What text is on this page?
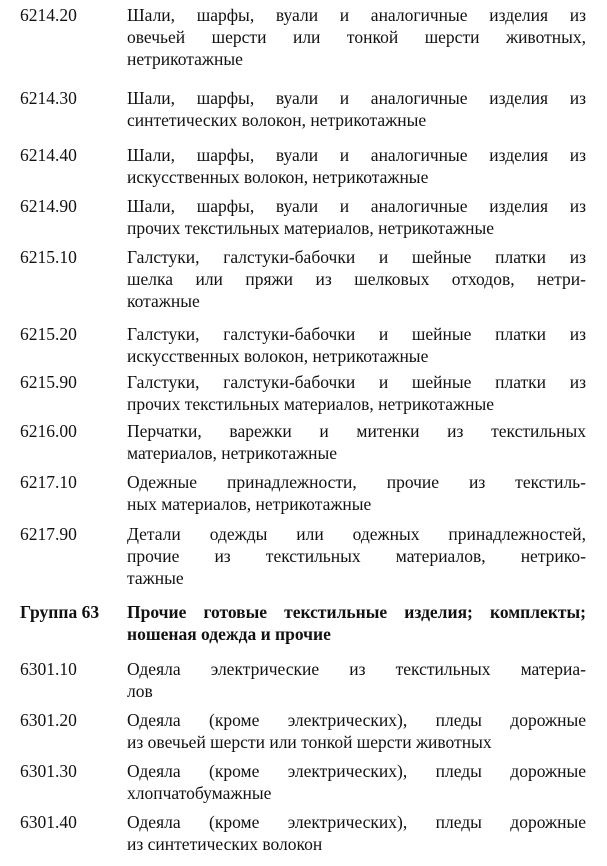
6214.20	Шали, шарфы, вуали и аналогичные изделия из
овечьей шерсти или тонкой шерсти животных,
нетрикотажные
6214.30	Шали, шарфы, вуали и аналогичные изделия из
синтетических волокон, нетрикотажные
6214.40	Шали, шарфы, вуали и аналогичные изделия из
искусственных волокон, нетрикотажные
6214.90	Шали, шарфы, вуали и аналогичные изделия из
прочих текстильных материалов, нетрикотажные
6215.10	Галстуки, галстуки-бабочки и шейные платки из
шелка или пряжи из шелковых отходов, нетри-
котажные
6215.20	Галстуки, галстуки-бабочки и шейные платки из
искусственных волокон, нетрикотажные
6215.90	Галстуки, галстуки-бабочки и шейные платки из
прочих текстильных материалов, нетрикотажные
6216.00	Перчатки, варежки и митенки из текстильных
материалов, нетрикотажные
6217.10	Одежные принадлежности, прочие из текстиль-
ных материалов, нетрикотажные
6217.90	Детали одежды или одежных принадлежностей,
прочие из текстильных материалов, нетрико-
тажные
Группа 63 Прочие готовые текстильные изделия; комплекты;
ношеная одежда и прочие
6301.10	Одеяла электрические из текстильных материа-
лов
6301.20	Одеяла (кроме электрических), пледы дорожные
из овечьей шерсти или тонкой шерсти животных
6301.30	Одеяла (кроме электрических), пледы дорожные
хлопчатобумажные
6301.40	Одеяла (кроме электрических), пледы дорожные
из синтетических волокон
